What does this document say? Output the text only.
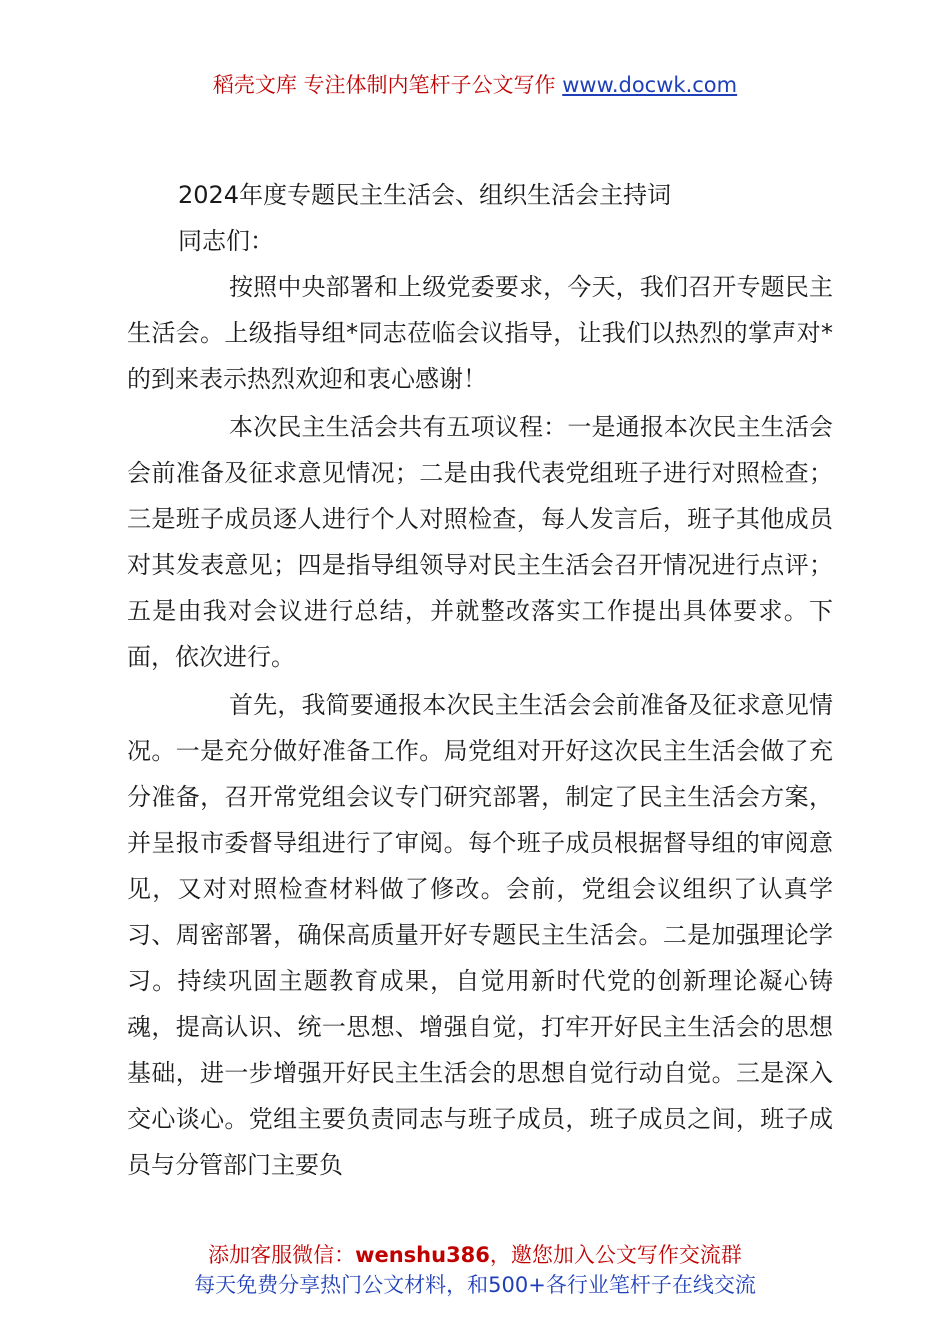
稻壳文库 专注体制内笔杆子公文写作 www.docwk.com
2024年度专题民主生活会、组织生活会主持词
同志们：

按照中央部署和上级党委要求，今天，我们召开专题民主生活会。上级指导组*同志莅临会议指导，让我们以热烈的掌声对*的到来表示热烈欢迎和衷心感谢！

本次民主生活会共有五项议程：一是通报本次民主生活会会前准备及征求意见情况；二是由我代表党组班子进行对照检查；三是班子成员逐人进行个人对照检查，每人发言后，班子其他成员对其发表意见；四是指导组领导对民主生活会召开情况进行点评；五是由我对会议进行总结，并就整改落实工作提出具体要求。下面，依次进行。

首先，我简要通报本次民主生活会会前准备及征求意见情况。一是充分做好准备工作。局党组对开好这次民主生活会做了充分准备，召开常党组会议专门研究部署，制定了民主生活会方案，并呈报市委督导组进行了审阅。每个班子成员根据督导组的审阅意见，又对对照检查材料做了修改。会前，党组会议组织了认真学习、周密部署，确保高质量开好专题民主生活会。二是加强理论学习。持续巩固主题教育成果，自觉用新时代党的创新理论凝心铸魂，提高认识、统一思想、增强自觉，打牢开好民主生活会的思想基础，进一步增强开好民主生活会的思想自觉行动自觉。三是深入交心谈心。党组主要负责同志与班子成员，班子成员之间，班子成员与分管部门主要负

添加客服微信：wenshu386，邀您加入公文写作交流群
每天免费分享热门公文材料，和500+各行业笔杆子在线交流
